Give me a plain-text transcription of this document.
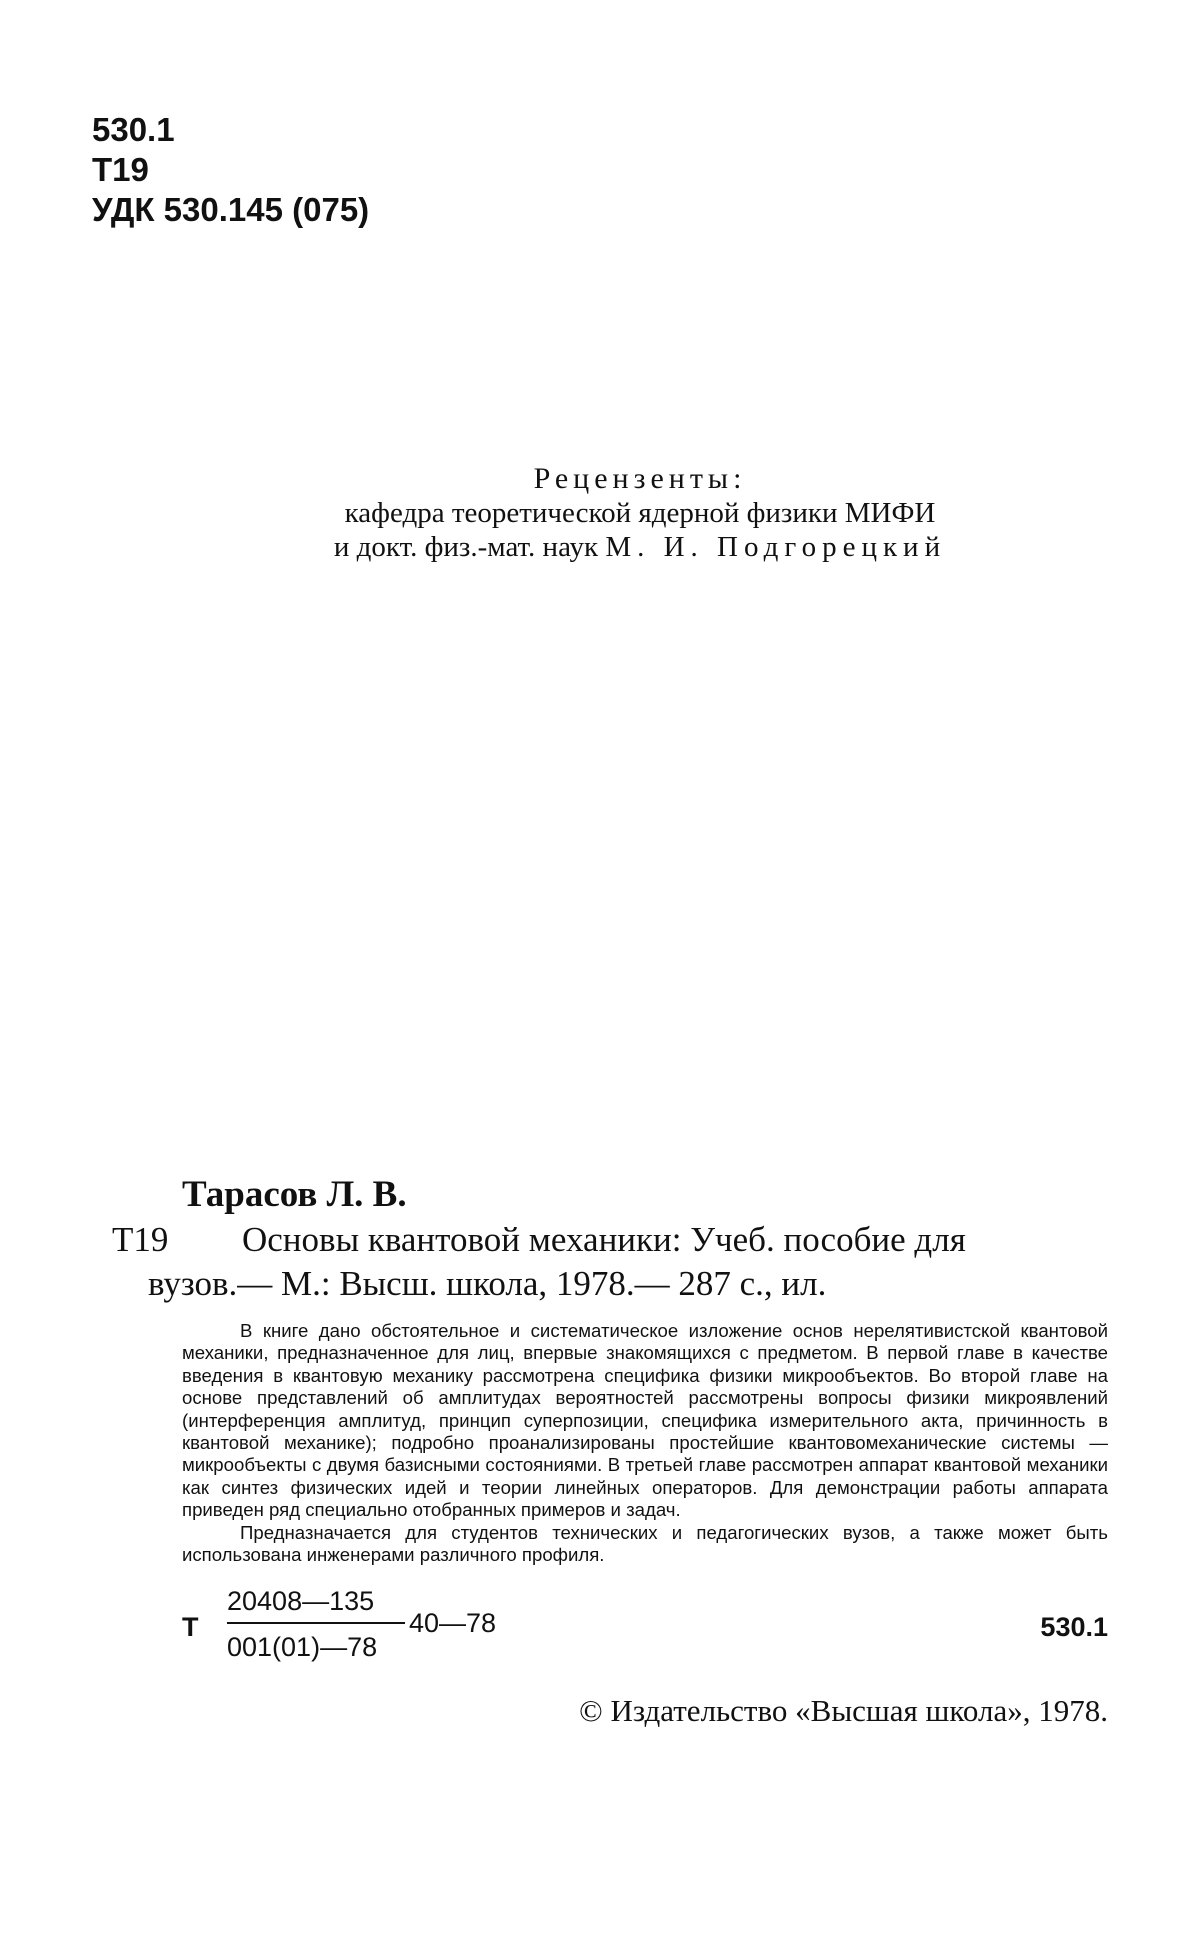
530.1
Т19
УДК 530.145 (075)
Рецензенты:
кафедра теоретической ядерной физики МИФИ
и докт. физ.-мат. наук М. И. Подгорецкий
Тарасов Л. В.
Т19	Основы квантовой механики: Учеб. пособие для
вузов.— М.: Высш. школа, 1978.— 287 с., ил.

В книге дано обстоятельное и систематическое изложение основ нерелятивистской квантовой механики, предназначенное для лиц, впервые знакомящихся с предметом. В первой главе в качестве введения в квантовую механику рассмотрена специфика физики микрообъектов. Во второй главе на основе представлений об амплитудах вероятностей рассмотрены вопросы физики микроявлений (интерференция амплитуд, принцип суперпозиции, специфика измерительного акта, причинность в квантовой механике); подробно проанализированы простейшие квантовомеханические системы — микрообъекты с двумя базисными состояниями. В третьей главе рассмотрен аппарат квантовой механики как синтез физических идей и теории линейных операторов. Для демонстрации работы аппарата приведен ряд специально отобранных примеров и задач.

Предназначается для студентов технических и педагогических вузов, а также может быть использована инженерами различного профиля.

Т
20408—135
001(01)—78
40—78	530.1
© Издательство «Высшая школа», 1978.
